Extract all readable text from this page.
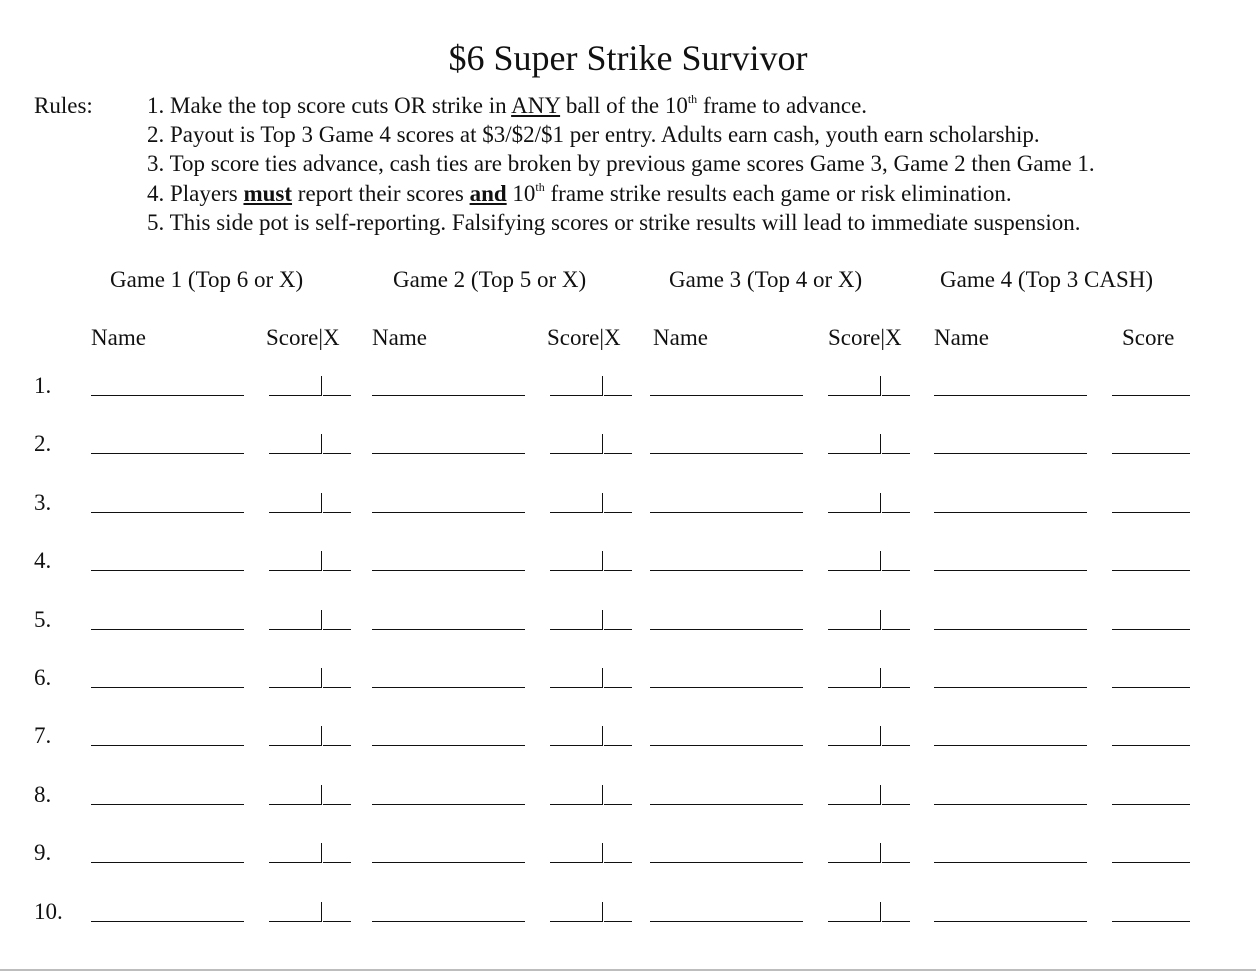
$6 Super Strike Survivor
Rules: 1. Make the top score cuts OR strike in ANY ball of the 10th frame to advance.
2. Payout is Top 3 Game 4 scores at $3/$2/$1 per entry. Adults earn cash, youth earn scholarship.
3. Top score ties advance, cash ties are broken by previous game scores Game 3, Game 2 then Game 1.
4. Players must report their scores and 10th frame strike results each game or risk elimination.
5. This side pot is self-reporting. Falsifying scores or strike results will lead to immediate suspension.
Game 1 (Top 6 or X)	Game 2 (Top 5 or X)	Game 3 (Top 4 or X)	Game 4 (Top 3 CASH)
Name	Score|X Name	Score|X Name	Score|X Name	Score
1.
2.
3.
4.
5.
6.
7.
8.
9.
10.
